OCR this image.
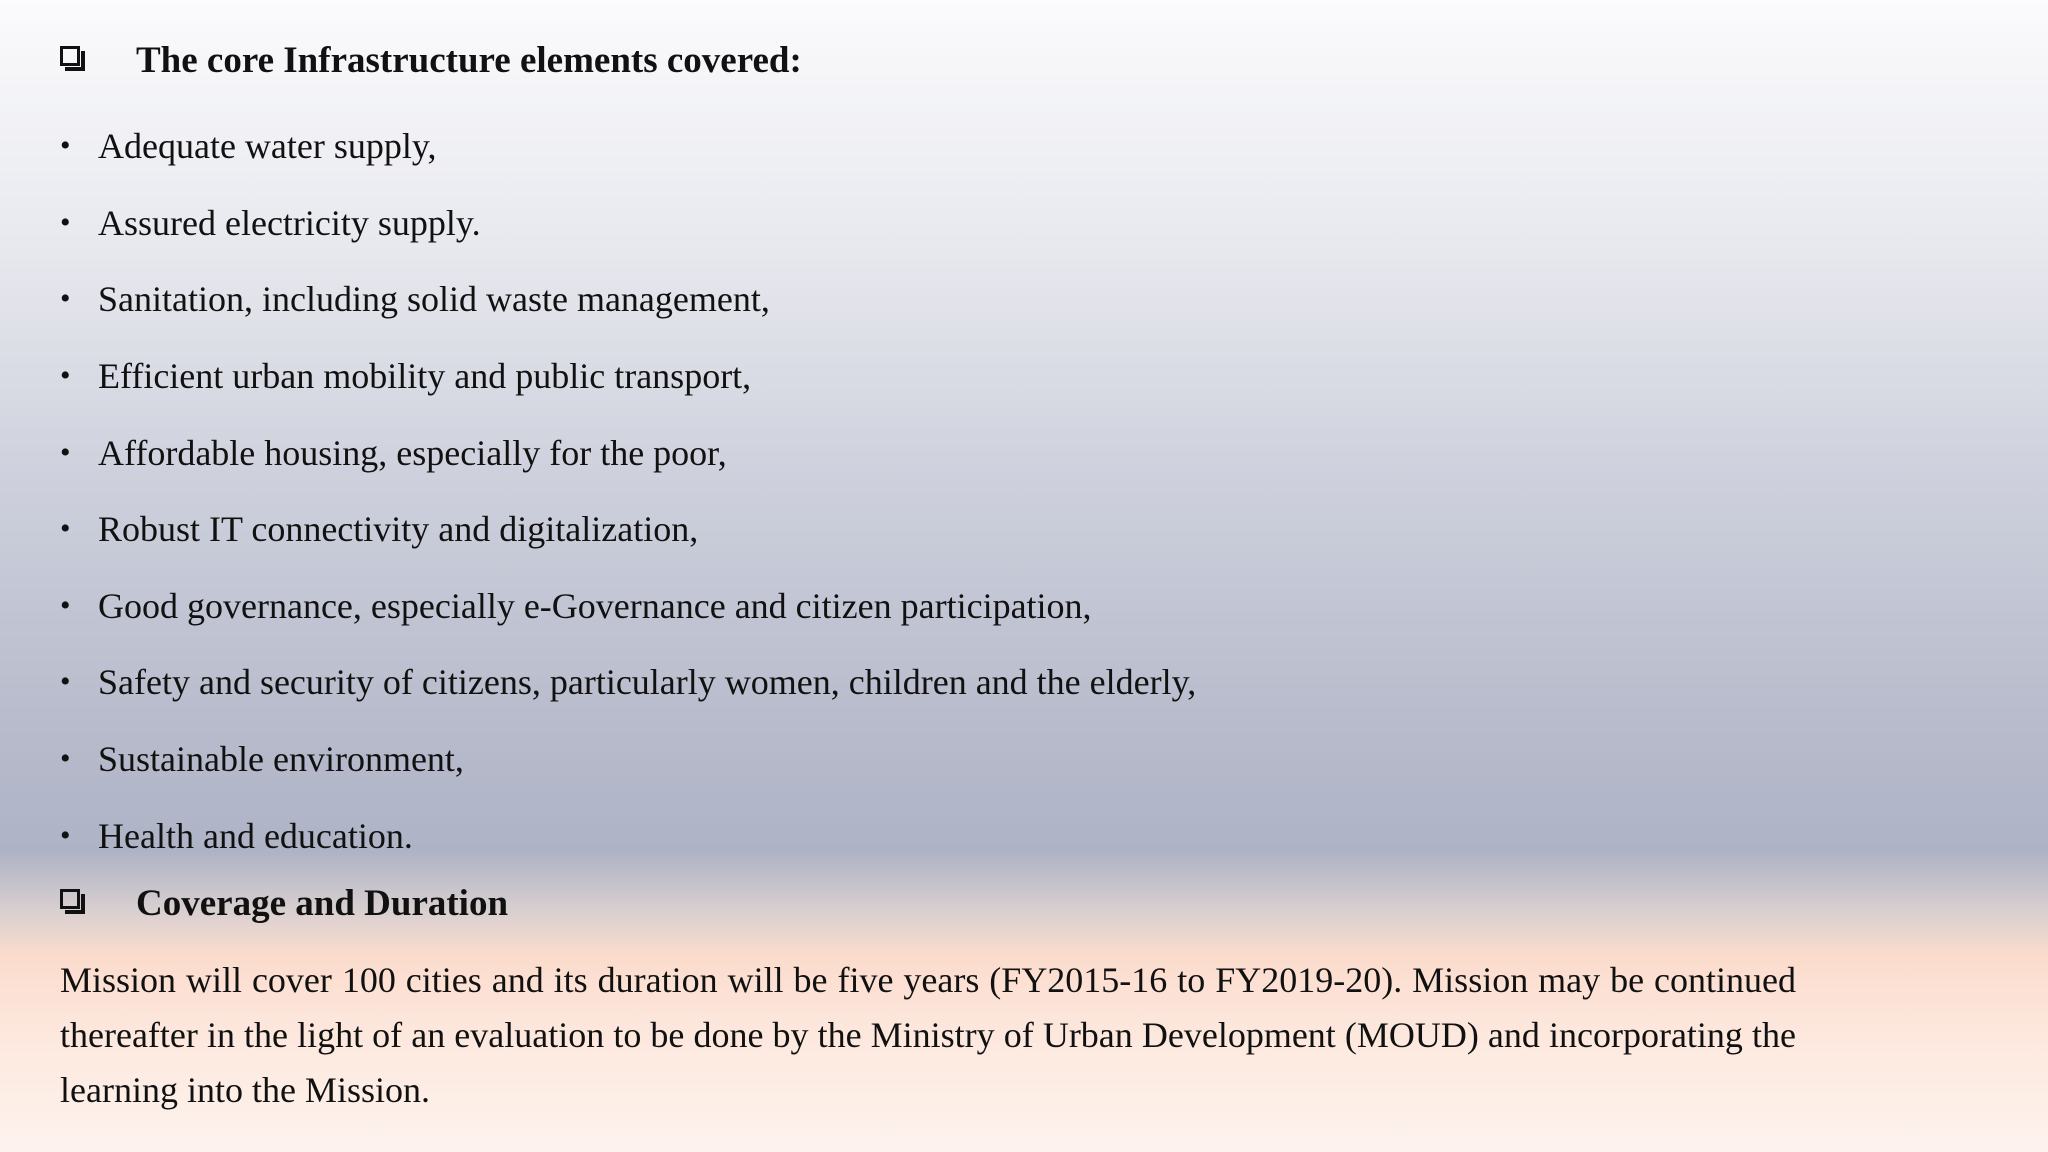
The core Infrastructure elements covered:
• Adequate water supply,
• Assured electricity supply.
• Sanitation, including solid waste management,
• Efficient urban mobility and public transport,
• Affordable housing, especially for the poor,
• Robust IT connectivity and digitalization,
• Good governance, especially e-Governance and citizen participation,
• Safety and security of citizens, particularly women, children and the elderly,
• Sustainable environment,
• Health and education.
Coverage and Duration

Mission will cover 100 cities and its duration will be five years (FY2015-16 to FY2019-20). Mission may be continued thereafter in the light of an evaluation to be done by the Ministry of Urban Development (MOUD) and incorporating the learning into the Mission.
